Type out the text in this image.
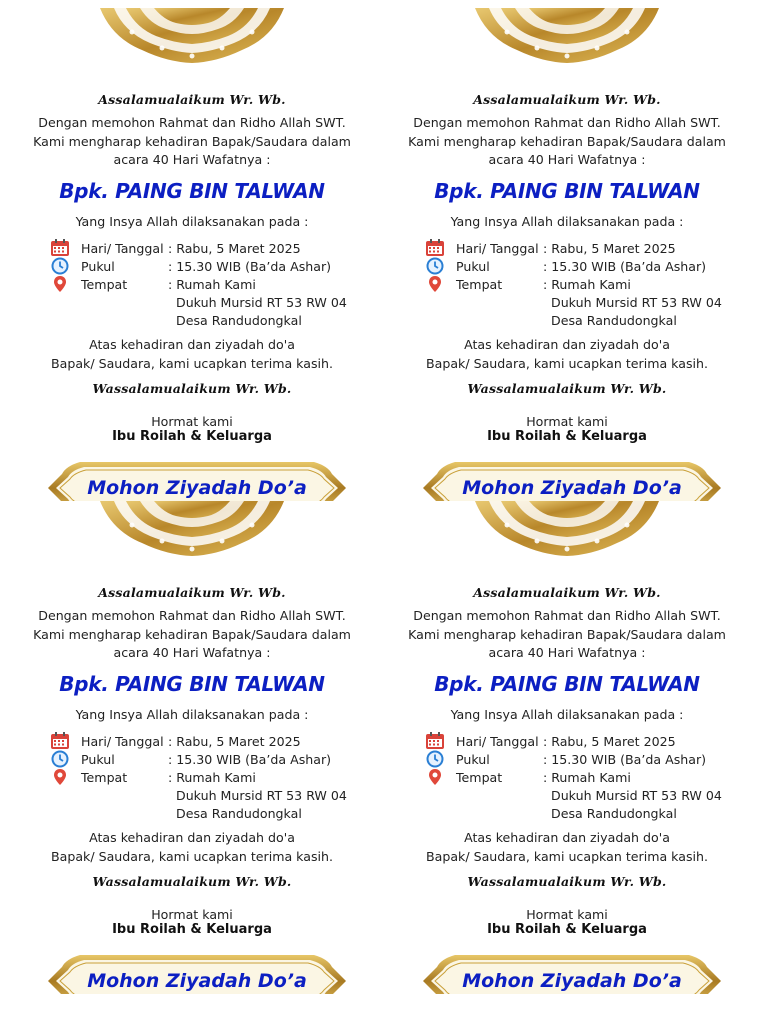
Assalamualaikum Wr. Wb.
Dengan memohon Rahmat dan Ridho Allah SWT.
Kami mengharap kehadiran Bapak/Saudara dalam
acara 40 Hari Wafatnya :
Bpk. PAING BIN TALWAN
Yang Insya Allah dilaksanakan pada :
Hari/ Tanggal : Rabu, 5 Maret 2025
Pukul	: 15.30 WIB (Ba’da Ashar)
Tempat	: Rumah Kami
Dukuh Mursid RT 53 RW 04
Desa Randudongkal
Atas kehadiran dan ziyadah do'a
Bapak/ Saudara, kami ucapkan terima kasih.
Wassalamualaikum Wr. Wb.
Hormat kami
Ibu Roilah & Keluarga
Mohon Ziyadah Do’a
Assalamualaikum Wr. Wb.
Dengan memohon Rahmat dan Ridho Allah SWT.
Kami mengharap kehadiran Bapak/Saudara dalam
acara 40 Hari Wafatnya :
Bpk. PAING BIN TALWAN
Yang Insya Allah dilaksanakan pada :
Hari/ Tanggal : Rabu, 5 Maret 2025
Pukul	: 15.30 WIB (Ba’da Ashar)
Tempat	: Rumah Kami
Dukuh Mursid RT 53 RW 04
Desa Randudongkal
Atas kehadiran dan ziyadah do'a
Bapak/ Saudara, kami ucapkan terima kasih.
Wassalamualaikum Wr. Wb.
Hormat kami
Ibu Roilah & Keluarga
Mohon Ziyadah Do’a
Assalamualaikum Wr. Wb.
Dengan memohon Rahmat dan Ridho Allah SWT.
Kami mengharap kehadiran Bapak/Saudara dalam
acara 40 Hari Wafatnya :
Bpk. PAING BIN TALWAN
Yang Insya Allah dilaksanakan pada :
Hari/ Tanggal : Rabu, 5 Maret 2025
Pukul	: 15.30 WIB (Ba’da Ashar)
Tempat	: Rumah Kami
Dukuh Mursid RT 53 RW 04
Desa Randudongkal
Atas kehadiran dan ziyadah do'a
Bapak/ Saudara, kami ucapkan terima kasih.
Wassalamualaikum Wr. Wb.
Hormat kami
Ibu Roilah & Keluarga
Mohon Ziyadah Do’a
Assalamualaikum Wr. Wb.
Dengan memohon Rahmat dan Ridho Allah SWT.
Kami mengharap kehadiran Bapak/Saudara dalam
acara 40 Hari Wafatnya :
Bpk. PAING BIN TALWAN
Yang Insya Allah dilaksanakan pada :
Hari/ Tanggal : Rabu, 5 Maret 2025
Pukul	: 15.30 WIB (Ba’da Ashar)
Tempat	: Rumah Kami
Dukuh Mursid RT 53 RW 04
Desa Randudongkal
Atas kehadiran dan ziyadah do'a
Bapak/ Saudara, kami ucapkan terima kasih.
Wassalamualaikum Wr. Wb.
Hormat kami
Ibu Roilah & Keluarga
Mohon Ziyadah Do’a
